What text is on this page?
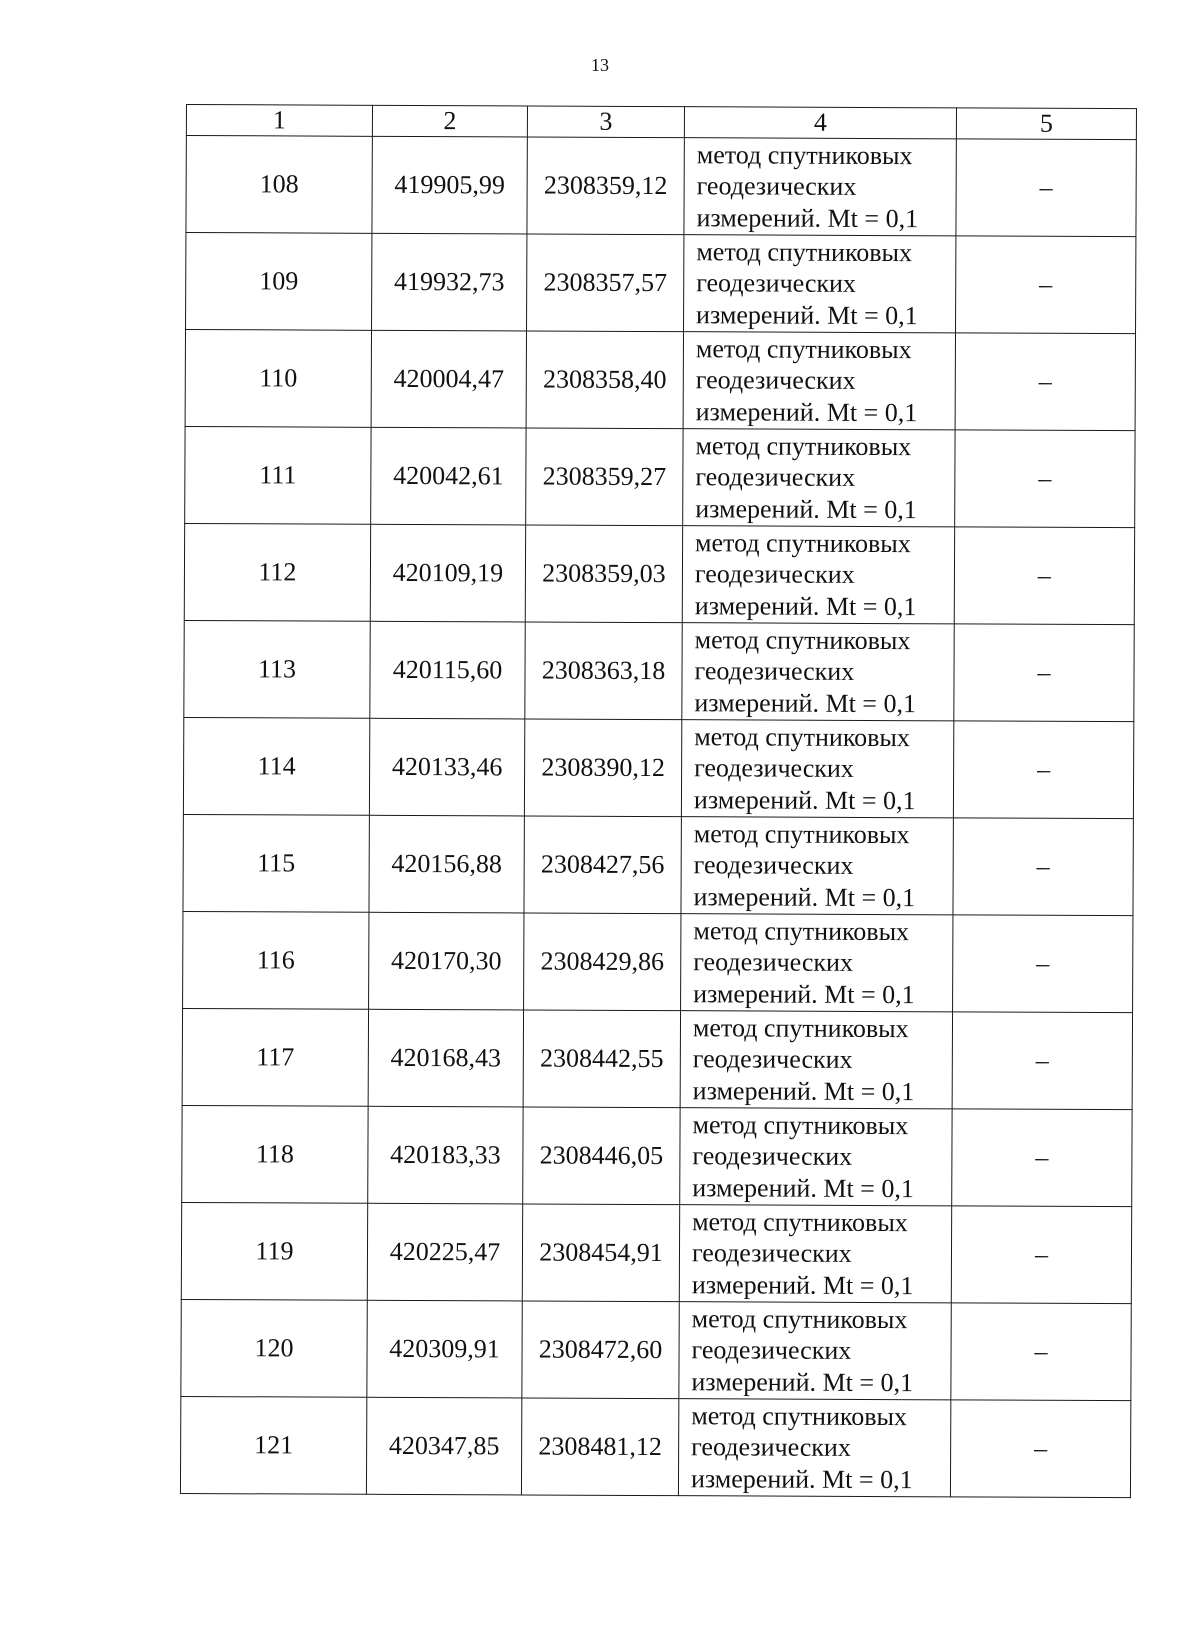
13
1	2	3	4	5
108	419905,99	2308359,12	метод спутниковых
геодезических
измерений. Mt = 0,1	–
109	419932,73	2308357,57	метод спутниковых
геодезических
измерений. Mt = 0,1	–
110	420004,47	2308358,40	метод спутниковых
геодезических
измерений. Mt = 0,1	–
111	420042,61	2308359,27	метод спутниковых
геодезических
измерений. Mt = 0,1	–
112	420109,19	2308359,03	метод спутниковых
геодезических
измерений. Mt = 0,1	–
113	420115,60	2308363,18	метод спутниковых
геодезических
измерений. Mt = 0,1	–
114	420133,46	2308390,12	метод спутниковых
геодезических
измерений. Mt = 0,1	–
115	420156,88	2308427,56	метод спутниковых
геодезических
измерений. Mt = 0,1	–
116	420170,30	2308429,86	метод спутниковых
геодезических
измерений. Mt = 0,1	–
117	420168,43	2308442,55	метод спутниковых
геодезических
измерений. Mt = 0,1	–
118	420183,33	2308446,05	метод спутниковых
геодезических
измерений. Mt = 0,1	–
119	420225,47	2308454,91	метод спутниковых
геодезических
измерений. Mt = 0,1	–
120	420309,91	2308472,60	метод спутниковых
геодезических
измерений. Mt = 0,1	–
121	420347,85	2308481,12	метод спутниковых
геодезических
измерений. Mt = 0,1	–
